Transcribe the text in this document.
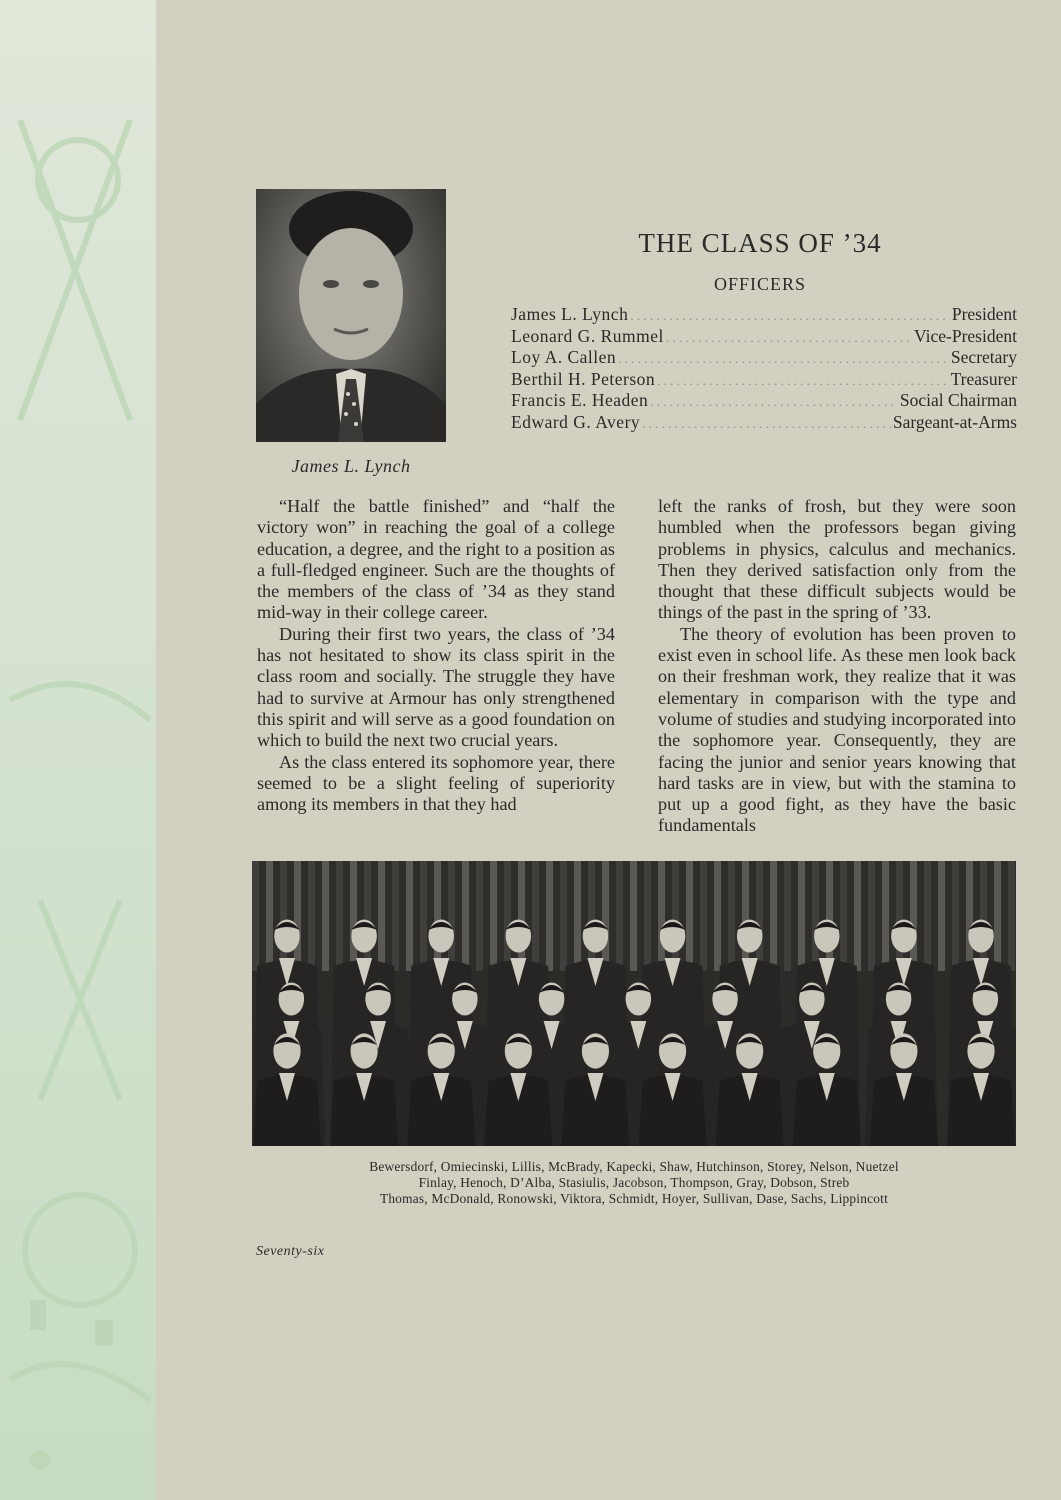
James L. Lynch
THE CLASS OF ’34
OFFICERS
James L. Lynch . . .	President
Leonard G. Rummel . . .	Vice-President
Loy A. Callen . . .	Secretary
Berthil H. Peterson . . .	Treasurer
Francis E. Headen . . .	Social Chairman
Edward G. Avery . . .	Sargeant-at-Arms

“Half the battle finished” and “half the victory won” in reaching the goal of a college education, a degree, and the right to a position as a full-fledged engineer. Such are the thoughts of the members of the class of ’34 as they stand mid-way in their college career.

During their first two years, the class of ’34 has not hesitated to show its class spirit in the class room and socially. The struggle they have had to survive at Armour has only strengthened this spirit and will serve as a good foundation on which to build the next two crucial years.

As the class entered its sophomore year, there seemed to be a slight feeling of superiority among its members in that they had

left the ranks of frosh, but they were soon humbled when the professors began giving problems in physics, calculus and mechanics. Then they derived satisfaction only from the thought that these difficult subjects would be things of the past in the spring of ’33.

The theory of evolution has been proven to exist even in school life. As these men look back on their freshman work, they realize that it was elementary in comparison with the type and volume of studies and studying incorporated into the sophomore year. Consequently, they are facing the junior and senior years knowing that hard tasks are in view, but with the stamina to put up a good fight, as they have the basic fundamentals

Bewersdorf, Omiecinski, Lillis, McBrady, Kapecki, Shaw, Hutchinson, Storey, Nelson, Nuetzel
Finlay, Henoch, D’Alba, Stasiulis, Jacobson, Thompson, Gray, Dobson, Streb
Thomas, McDonald, Ronowski, Viktora, Schmidt, Hoyer, Sullivan, Dase, Sachs, Lippincott
Seventy-six
